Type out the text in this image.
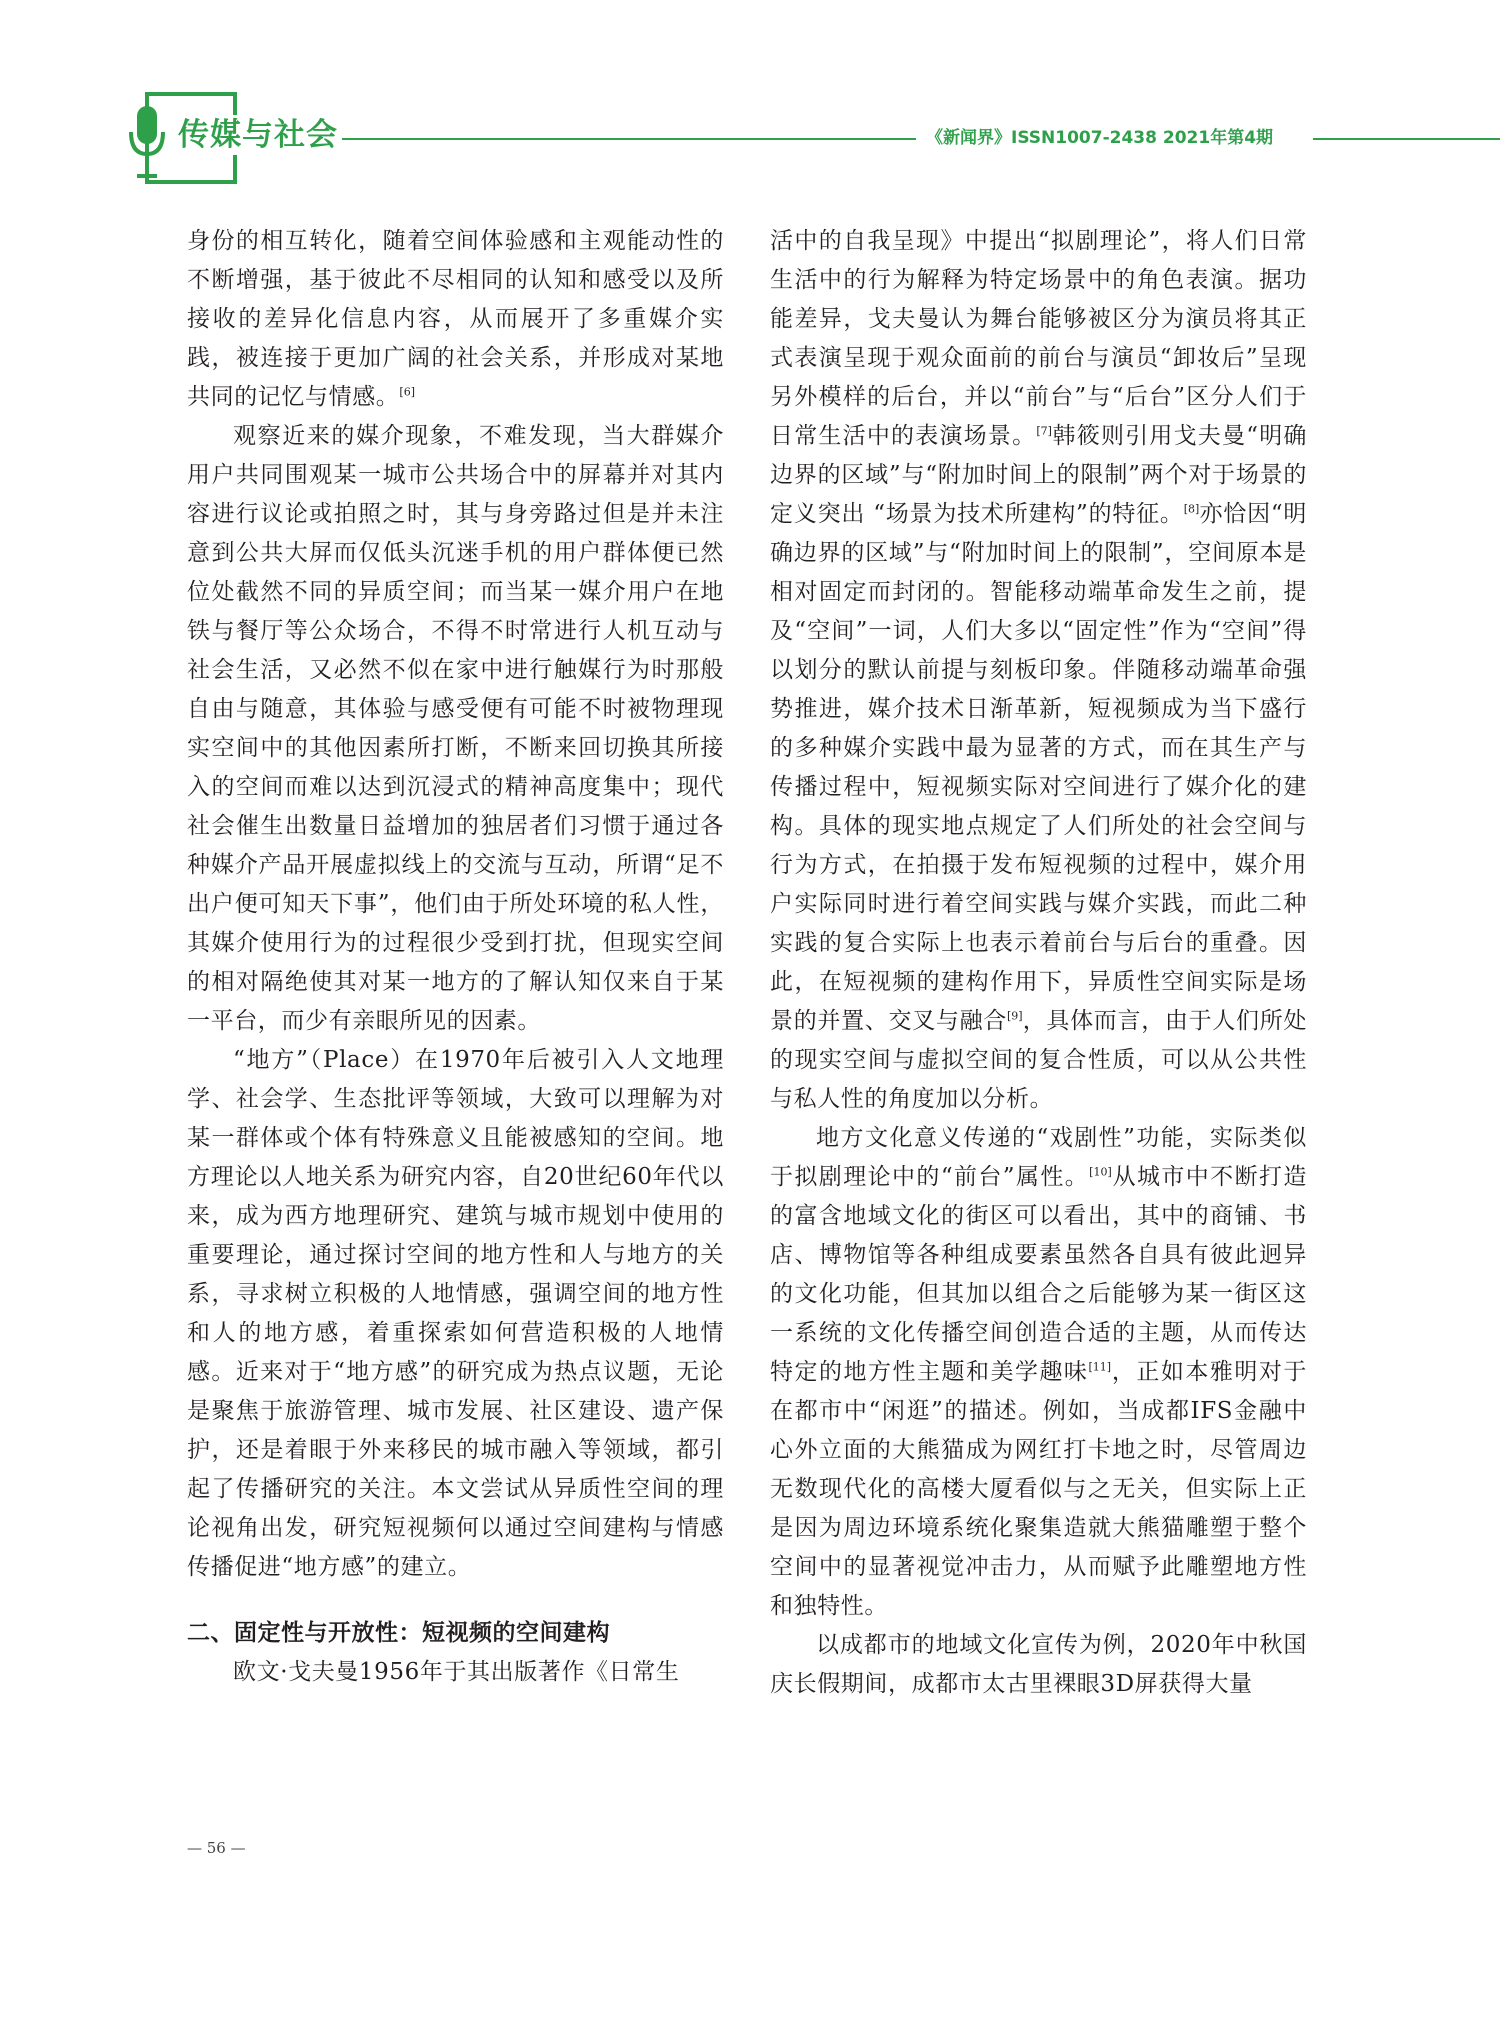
传媒与社会	《新闻界》ISSN1007-2438 2021年第4期

身份的相互转化，随着空间体验感和主观能动性的不断增强，基于彼此不尽相同的认知和感受以及所接收的差异化信息内容，从而展开了多重媒介实践，被连接于更加广阔的社会关系，并形成对某地共同的记忆与情感。[6]

观察近来的媒介现象，不难发现，当大群媒介用户共同围观某一城市公共场合中的屏幕并对其内容进行议论或拍照之时，其与身旁路过但是并未注意到公共大屏而仅低头沉迷手机的用户群体便已然位处截然不同的异质空间；而当某一媒介用户在地铁与餐厅等公众场合，不得不时常进行人机互动与社会生活，又必然不似在家中进行触媒行为时那般自由与随意，其体验与感受便有可能不时被物理现实空间中的其他因素所打断，不断来回切换其所接入的空间而难以达到沉浸式的精神高度集中；现代社会催生出数量日益增加的独居者们习惯于通过各种媒介产品开展虚拟线上的交流与互动，所谓“足不出户便可知天下事”，他们由于所处环境的私人性，其媒介使用行为的过程很少受到打扰，但现实空间的相对隔绝使其对某一地方的了解认知仅来自于某一平台，而少有亲眼所见的因素。

“地方”（Place）在1970年后被引入人文地理学、社会学、生态批评等领域，大致可以理解为对某一群体或个体有特殊意义且能被感知的空间。地方理论以人地关系为研究内容，自20世纪60年代以来，成为西方地理研究、建筑与城市规划中使用的重要理论，通过探讨空间的地方性和人与地方的关系，寻求树立积极的人地情感，强调空间的地方性和人的地方感，着重探索如何营造积极的人地情感。近来对于“地方感”的研究成为热点议题，无论是聚焦于旅游管理、城市发展、社区建设、遗产保护，还是着眼于外来移民的城市融入等领域，都引起了传播研究的关注。本文尝试从异质性空间的理论视角出发，研究短视频何以通过空间建构与情感传播促进“地方感”的建立。

二、固定性与开放性：短视频的空间建构

欧文·戈夫曼1956年于其出版著作《日常生

活中的自我呈现》中提出“拟剧理论”，将人们日常生活中的行为解释为特定场景中的角色表演。据功能差异，戈夫曼认为舞台能够被区分为演员将其正式表演呈现于观众面前的前台与演员“卸妆后”呈现另外模样的后台，并以“前台”与“后台”区分人们于日常生活中的表演场景。[7]韩筱则引用戈夫曼“明确边界的区域”与“附加时间上的限制”两个对于场景的定义突出 “场景为技术所建构”的特征。[8]亦恰因“明确边界的区域”与“附加时间上的限制”，空间原本是相对固定而封闭的。智能移动端革命发生之前，提及“空间”一词，人们大多以“固定性”作为“空间”得以划分的默认前提与刻板印象。伴随移动端革命强势推进，媒介技术日渐革新，短视频成为当下盛行的多种媒介实践中最为显著的方式，而在其生产与传播过程中，短视频实际对空间进行了媒介化的建构。具体的现实地点规定了人们所处的社会空间与行为方式，在拍摄于发布短视频的过程中，媒介用户实际同时进行着空间实践与媒介实践，而此二种实践的复合实际上也表示着前台与后台的重叠。因此，在短视频的建构作用下，异质性空间实际是场景的并置、交叉与融合[9]，具体而言，由于人们所处的现实空间与虚拟空间的复合性质，可以从公共性与私人性的角度加以分析。

地方文化意义传递的“戏剧性”功能，实际类似于拟剧理论中的“前台”属性。[10]从城市中不断打造的富含地域文化的街区可以看出，其中的商铺、书店、博物馆等各种组成要素虽然各自具有彼此迥异的文化功能，但其加以组合之后能够为某一街区这一系统的文化传播空间创造合适的主题，从而传达特定的地方性主题和美学趣味[11]，正如本雅明对于在都市中“闲逛”的描述。例如，当成都IFS金融中心外立面的大熊猫成为网红打卡地之时，尽管周边无数现代化的高楼大厦看似与之无关，但实际上正是因为周边环境系统化聚集造就大熊猫雕塑于整个空间中的显著视觉冲击力，从而赋予此雕塑地方性和独特性。

以成都市的地域文化宣传为例，2020年中秋国庆长假期间，成都市太古里裸眼3D屏获得大量

— 56 —
